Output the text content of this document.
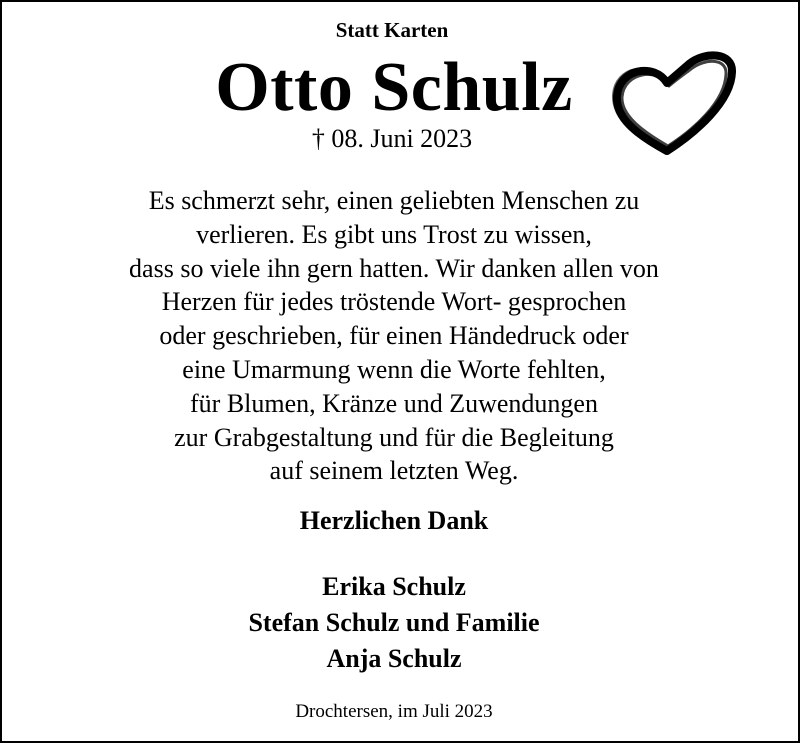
Statt Karten

Otto Schulz

† 08. Juni 2023

Es schmerzt sehr, einen geliebten Menschen zu
verlieren. Es gibt uns Trost zu wissen,
dass so viele ihn gern hatten. Wir danken allen von
Herzen für jedes tröstende Wort- gesprochen
oder geschrieben, für einen Händedruck oder
eine Umarmung wenn die Worte fehlten,
für Blumen, Kränze und Zuwendungen
zur Grabgestaltung und für die Begleitung
auf seinem letzten Weg.

Herzlichen Dank

Erika Schulz
Stefan Schulz und Familie
Anja Schulz

Drochtersen, im Juli 2023
